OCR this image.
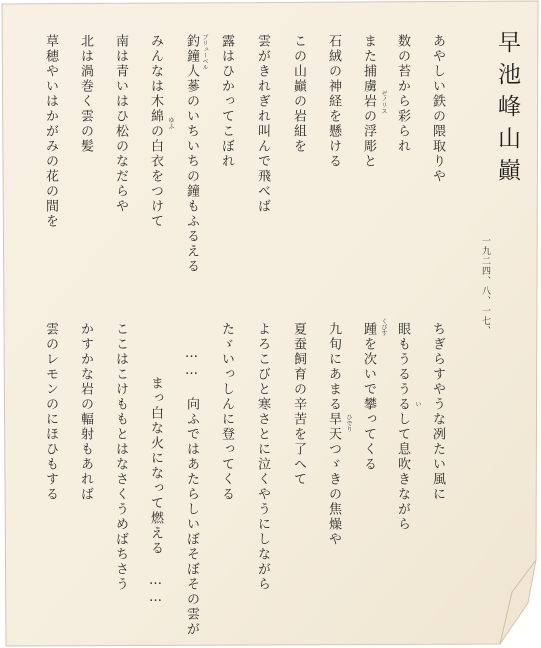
早池峰山巓
一九二四、八、一七、
あやしい鉄の隈取りや
数の苔から彩られ
また捕虜岩の浮彫と
石絨の神経を懸ける
この山巓の岩組を
雲がきれぎれ叫んで飛べば
露はひかってこぼれ
釣鐘人蔘のいちいちの鐘もふるえる
みんなは木綿の白衣をつけて
南は青いはひ松のなだらや
北は渦巻く雲の髪
草穂やいはかがみの花の間を
ちぎらすやうな冽たい風に
眼もうるうるして息吹きながら
踵を次いで攀ってくる
九旬にあまる旱天つゞきの焦燥や
夏蚕飼育の辛苦を了へて
よろこびと寒さとに泣くやうにしながら
たゞいっしんに登ってくる
…… 向ふではあたらしいぼそぼその雲が
まっ白な火になって燃える ……
ここはこけももとはなさくうめばちさう
かすかな岩の輻射もあれば
雲のレモンのにほひもする
ゼノリス
ブリューベル
ゆふ
い
くびす
ひでり
